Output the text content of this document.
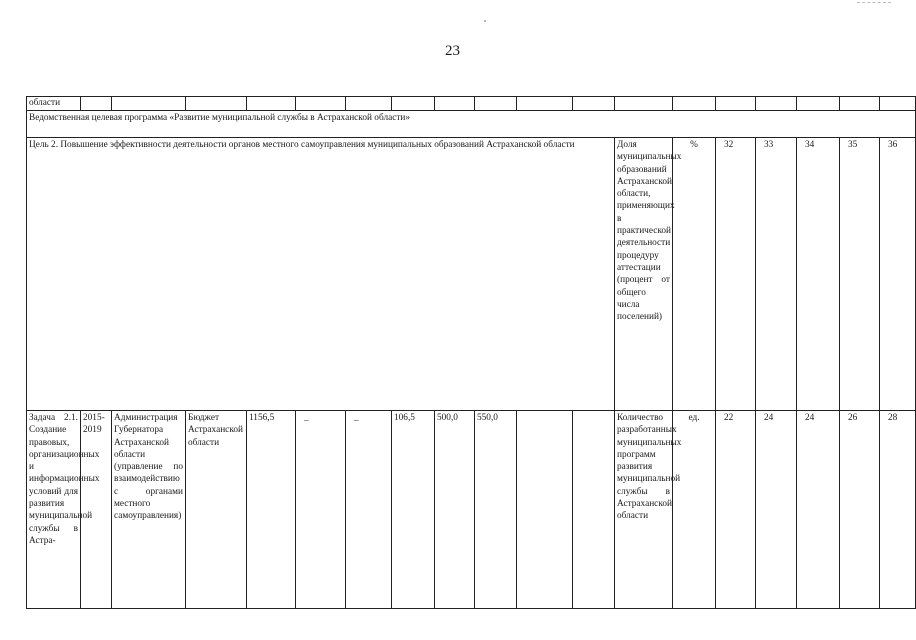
23
области																			
Ведомственная целевая программа «Развитие муниципальной службы в Астраханской области»																			
Цель 2. Повышение эффективности деятельности органов местного самоуправления муниципальных образований Астраханской области												Доля муниципальных образований Астраханской области, применяющих в практической деятельности процедуру аттестации (процент от общего числа поселений)	%	32	33	34	35	36		
Задача 2.1. Создание правовых, организационных и информационных условий для развития муниципальной службы в Астра-	2015-2019	Администрация Губернатора Астраханской области (управление по взаимодействию с органами местного самоуправления)	Бюджет Астраханской области	1156,5	_	_	106,5	500,0	550,0			Количество разработанных муниципальных программ развития муниципальной службы в Астраханской области	ед.	22	24	24	26	28		
